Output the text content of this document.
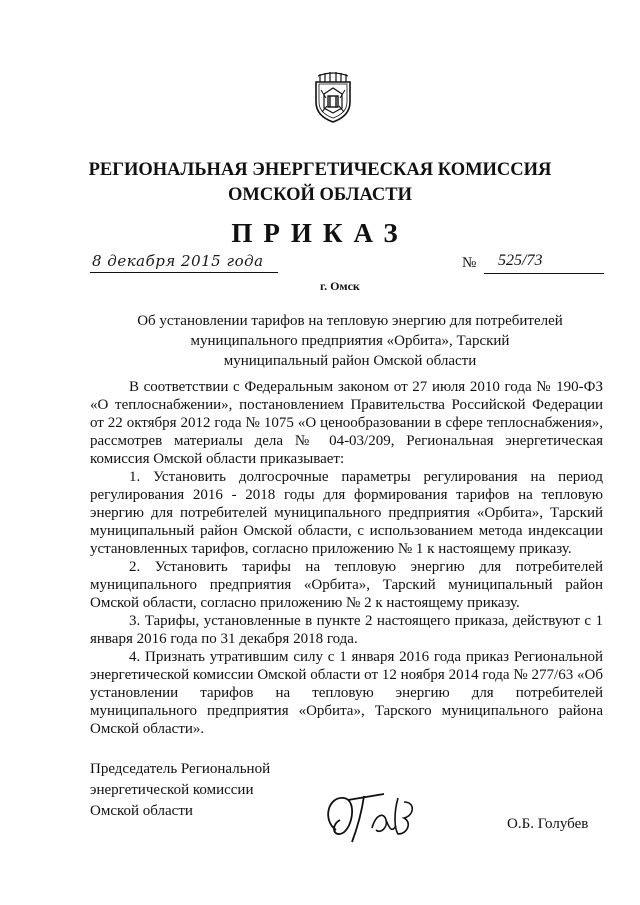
РЕГИОНАЛЬНАЯ ЭНЕРГЕТИЧЕСКАЯ КОМИССИЯ
ОМСКОЙ ОБЛАСТИ
ПРИКАЗ
8 декабря 2015 года
г. Омск
№ 525/73
Об установлении тарифов на тепловую энергию для потребителей
муниципального предприятия «Орбита», Тарский
муниципальный район Омской области

В соответствии с Федеральным законом от 27 июля 2010 года № 190-ФЗ «О теплоснабжении», постановлением Правительства Российской Федерации от 22 октября 2012 года № 1075 «О ценообразовании в сфере теплоснабжения», рассмотрев материалы дела № 04-03/209, Региональная энергетическая комиссия Омской области приказывает:

1. Установить долгосрочные параметры регулирования на период регулирования 2016 - 2018 годы для формирования тарифов на тепловую энергию для потребителей муниципального предприятия «Орбита», Тарский муниципальный район Омской области, с использованием метода индексации установленных тарифов, согласно приложению № 1 к настоящему приказу.

2. Установить тарифы на тепловую энергию для потребителей муниципального предприятия «Орбита», Тарский муниципальный район Омской области, согласно приложению № 2 к настоящему приказу.

3. Тарифы, установленные в пункте 2 настоящего приказа, действуют с 1 января 2016 года по 31 декабря 2018 года.

4. Признать утратившим силу с 1 января 2016 года приказ Региональной энергетической комиссии Омской области от 12 ноября 2014 года № 277/63 «Об установлении тарифов на тепловую энергию для потребителей муниципального предприятия «Орбита», Тарского муниципального района Омской области».

Председатель Региональной
энергетической комиссии
Омской области
О.Б. Голубев
